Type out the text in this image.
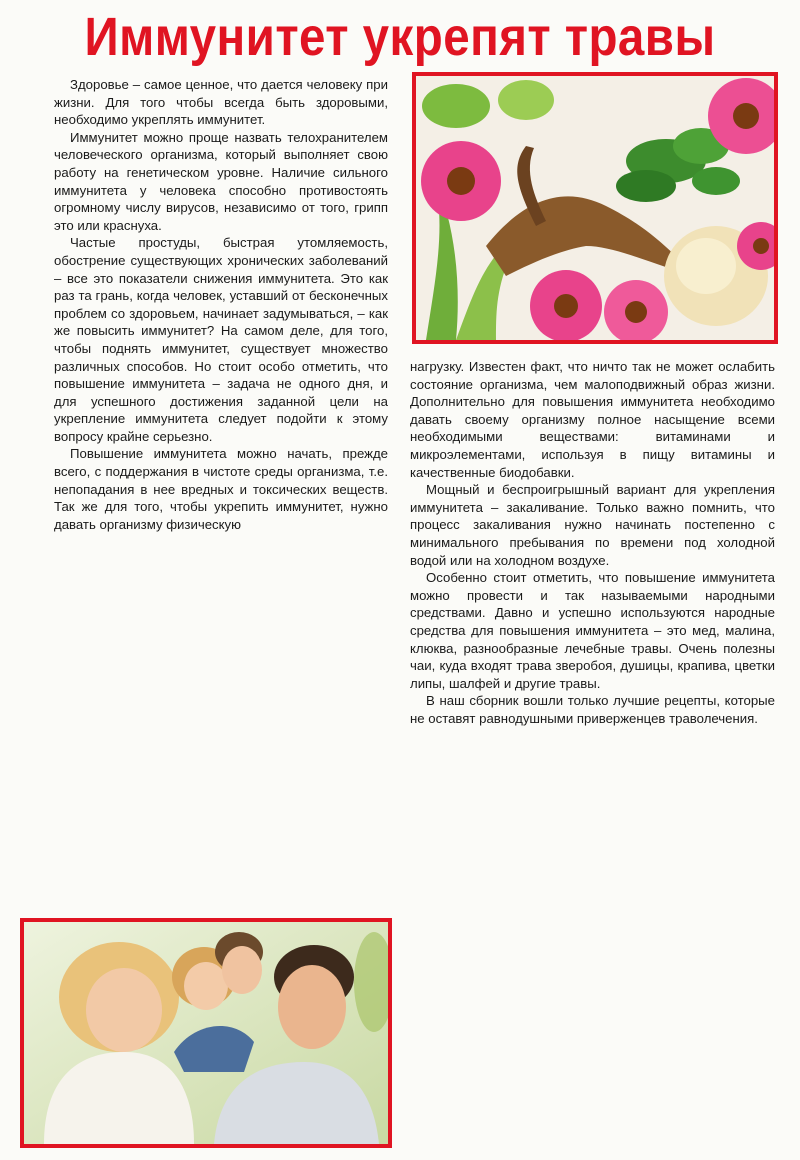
Иммунитет укрепят травы

Здоровье – самое ценное, что дается человеку при жизни. Для того чтобы всегда быть здоровыми, необходимо укреплять иммунитет.

Иммунитет можно проще назвать телохранителем человеческого организма, который выполняет свою работу на генетическом уровне. Наличие сильного иммунитета у человека способно противостоять огромному числу вирусов, независимо от того, грипп это или краснуха.

Частые простуды, быстрая утомляемость, обострение существующих хронических заболеваний – все это показатели снижения иммунитета. Это как раз та грань, когда человек, уставший от бесконечных проблем со здоровьем, начинает задумываться, – как же повысить иммунитет? На самом деле, для того, чтобы поднять иммунитет, существует множество различных способов. Но стоит особо отметить, что повышение иммунитета – задача не одного дня, и для успешного достижения заданной цели на укрепление иммунитета следует подойти к этому вопросу крайне серьезно.

Повышение иммунитета можно начать, прежде всего, с поддержания в чистоте среды организма, т.е. непопадания в нее вредных и токсических веществ. Так же для того, чтобы укрепить иммунитет, нужно давать организму физическую

нагрузку. Известен факт, что ничто так не может ослабить состояние организма, чем малоподвижный образ жизни. Дополнительно для повышения иммунитета необходимо давать своему организму полное насыщение всеми необходимыми веществами: витаминами и микроэлементами, используя в пищу витамины и качественные биодобавки.

Мощный и беспроигрышный вариант для укрепления иммунитета – закаливание. Только важно помнить, что процесс закаливания нужно начинать постепенно с минимального пребывания по времени под холодной водой или на холодном воздухе.

Особенно стоит отметить, что повышение иммунитета можно провести и так называемыми народными средствами. Давно и успешно используются народные средства для повышения иммунитета – это мед, малина, клюква, разнообразные лечебные травы. Очень полезны чаи, куда входят трава зверобоя, душицы, крапива, цветки липы, шалфей и другие травы.

В наш сборник вошли только лучшие рецепты, которые не оставят равнодушными приверженцев траволечения.
